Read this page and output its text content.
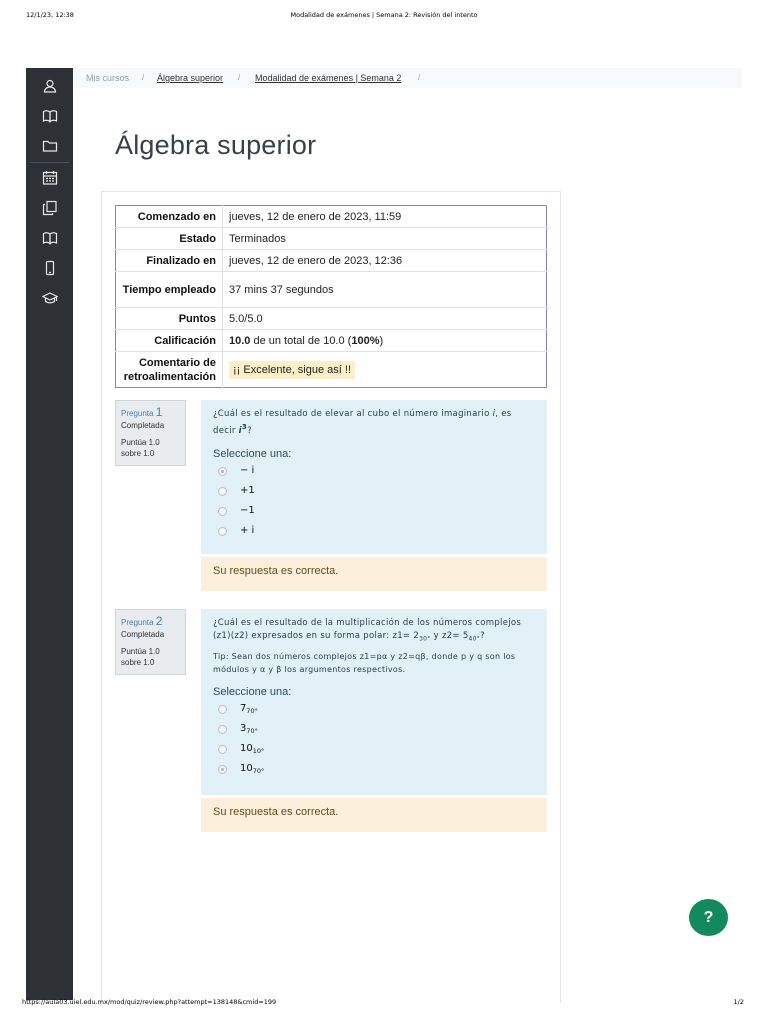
12/1/23, 12:38	Modalidad de exámenes | Semana 2: Revisión del intento
Mis cursos / Álgebra superior / Modalidad de exámenes | Semana 2 /
Álgebra superior
Comenzado en	jueves, 12 de enero de 2023, 11:59
Estado	Terminados
Finalizado en	jueves, 12 de enero de 2023, 12:36
Tiempo empleado	37 mins 37 segundos
Puntos	5.0/5.0
Calificación	10.0 de un total de 10.0 (100%)
Comentario de retroalimentación	¡¡ Excelente, sigue así !!
Pregunta 1
Completada
Puntúa 1.0 sobre 1.0
¿Cuál es el resultado de elevar al cubo el número imaginario i, es decir $i^3$?
Seleccione una:
− i
+1
−1
+ i
Su respuesta es correcta.
Pregunta 2
Completada
Puntúa 1.0 sobre 1.0
¿Cuál es el resultado de la multiplicación de los números complejos (z1)(z2) expresados en su forma polar: $z1= 2_{30^\circ}$ y $z2= 5_{40^\circ}$?
Tip: Sean dos números complejos z1=pα y z2=qβ, donde p y q son los módulos y α y β los argumentos respectivos.
Seleccione una:
$7_{70^\circ}$
$3_{70^\circ}$
$10_{10^\circ}$
$10_{70^\circ}$
Su respuesta es correcta.
?
https://aula03.uiel.edu.mx/mod/quiz/review.php?attempt=138148&cmid=199	1/2
